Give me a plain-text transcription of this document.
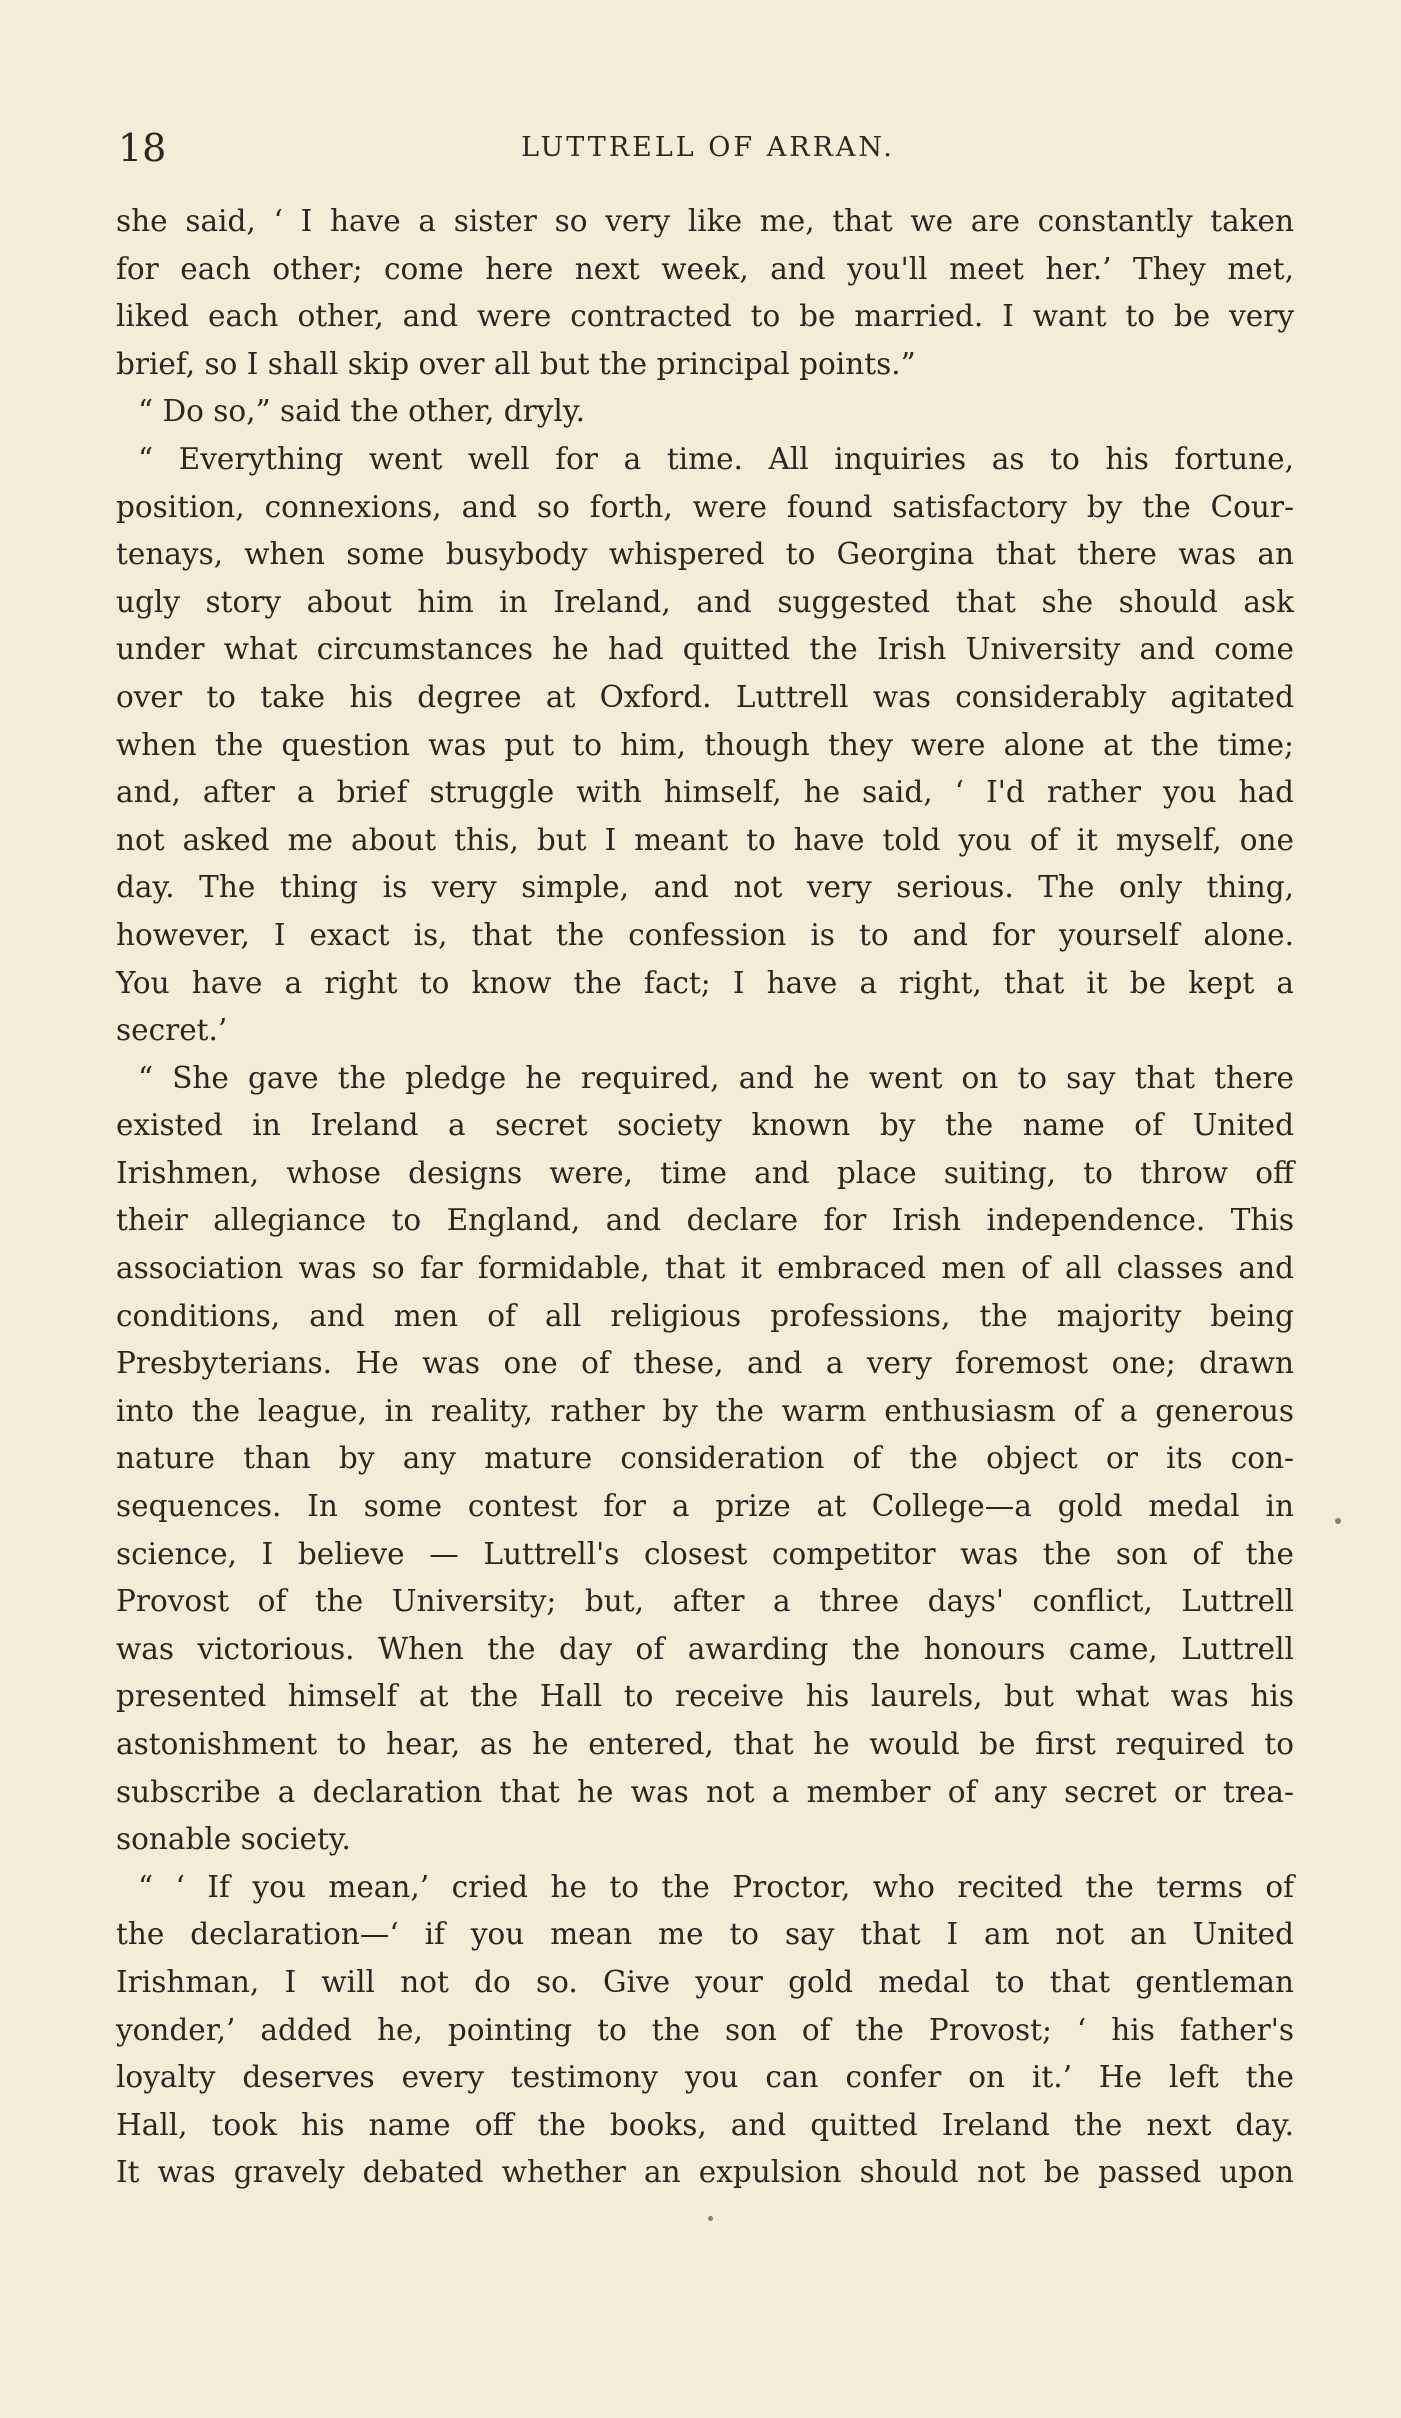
18	LUTTRELL OF ARRAN.
she said, ‘ I have a sister so very like me, that we are constantly taken
for each other; come here next week, and you'll meet her.’ They met,
liked each other, and were contracted to be married. I want to be very
brief, so I shall skip over all but the principal points.”
“ Do so,” said the other, dryly.
“ Everything went well for a time. All inquiries as to his fortune,
position, connexions, and so forth, were found satisfactory by the Cour-
tenays, when some busybody whispered to Georgina that there was an
ugly story about him in Ireland, and suggested that she should ask
under what circumstances he had quitted the Irish University and come
over to take his degree at Oxford. Luttrell was considerably agitated
when the question was put to him, though they were alone at the time;
and, after a brief struggle with himself, he said, ‘ I'd rather you had
not asked me about this, but I meant to have told you of it myself, one
day. The thing is very simple, and not very serious. The only thing,
however, I exact is, that the confession is to and for yourself alone.
You have a right to know the fact; I have a right, that it be kept a
secret.’
“ She gave the pledge he required, and he went on to say that there
existed in Ireland a secret society known by the name of United
Irishmen, whose designs were, time and place suiting, to throw off
their allegiance to England, and declare for Irish independence. This
association was so far formidable, that it embraced men of all classes and
conditions, and men of all religious professions, the majority being
Presbyterians. He was one of these, and a very foremost one; drawn
into the league, in reality, rather by the warm enthusiasm of a generous
nature than by any mature consideration of the object or its con-
sequences. In some contest for a prize at College—a gold medal in
science, I believe — Luttrell's closest competitor was the son of the
Provost of the University; but, after a three days' conflict, Luttrell
was victorious. When the day of awarding the honours came, Luttrell
presented himself at the Hall to receive his laurels, but what was his
astonishment to hear, as he entered, that he would be first required to
subscribe a declaration that he was not a member of any secret or trea-
sonable society.
“ ‘ If you mean,’ cried he to the Proctor, who recited the terms of
the declaration—‘ if you mean me to say that I am not an United
Irishman, I will not do so. Give your gold medal to that gentleman
yonder,’ added he, pointing to the son of the Provost; ‘ his father's
loyalty deserves every testimony you can confer on it.’ He left the
Hall, took his name off the books, and quitted Ireland the next day.
It was gravely debated whether an expulsion should not be passed upon
